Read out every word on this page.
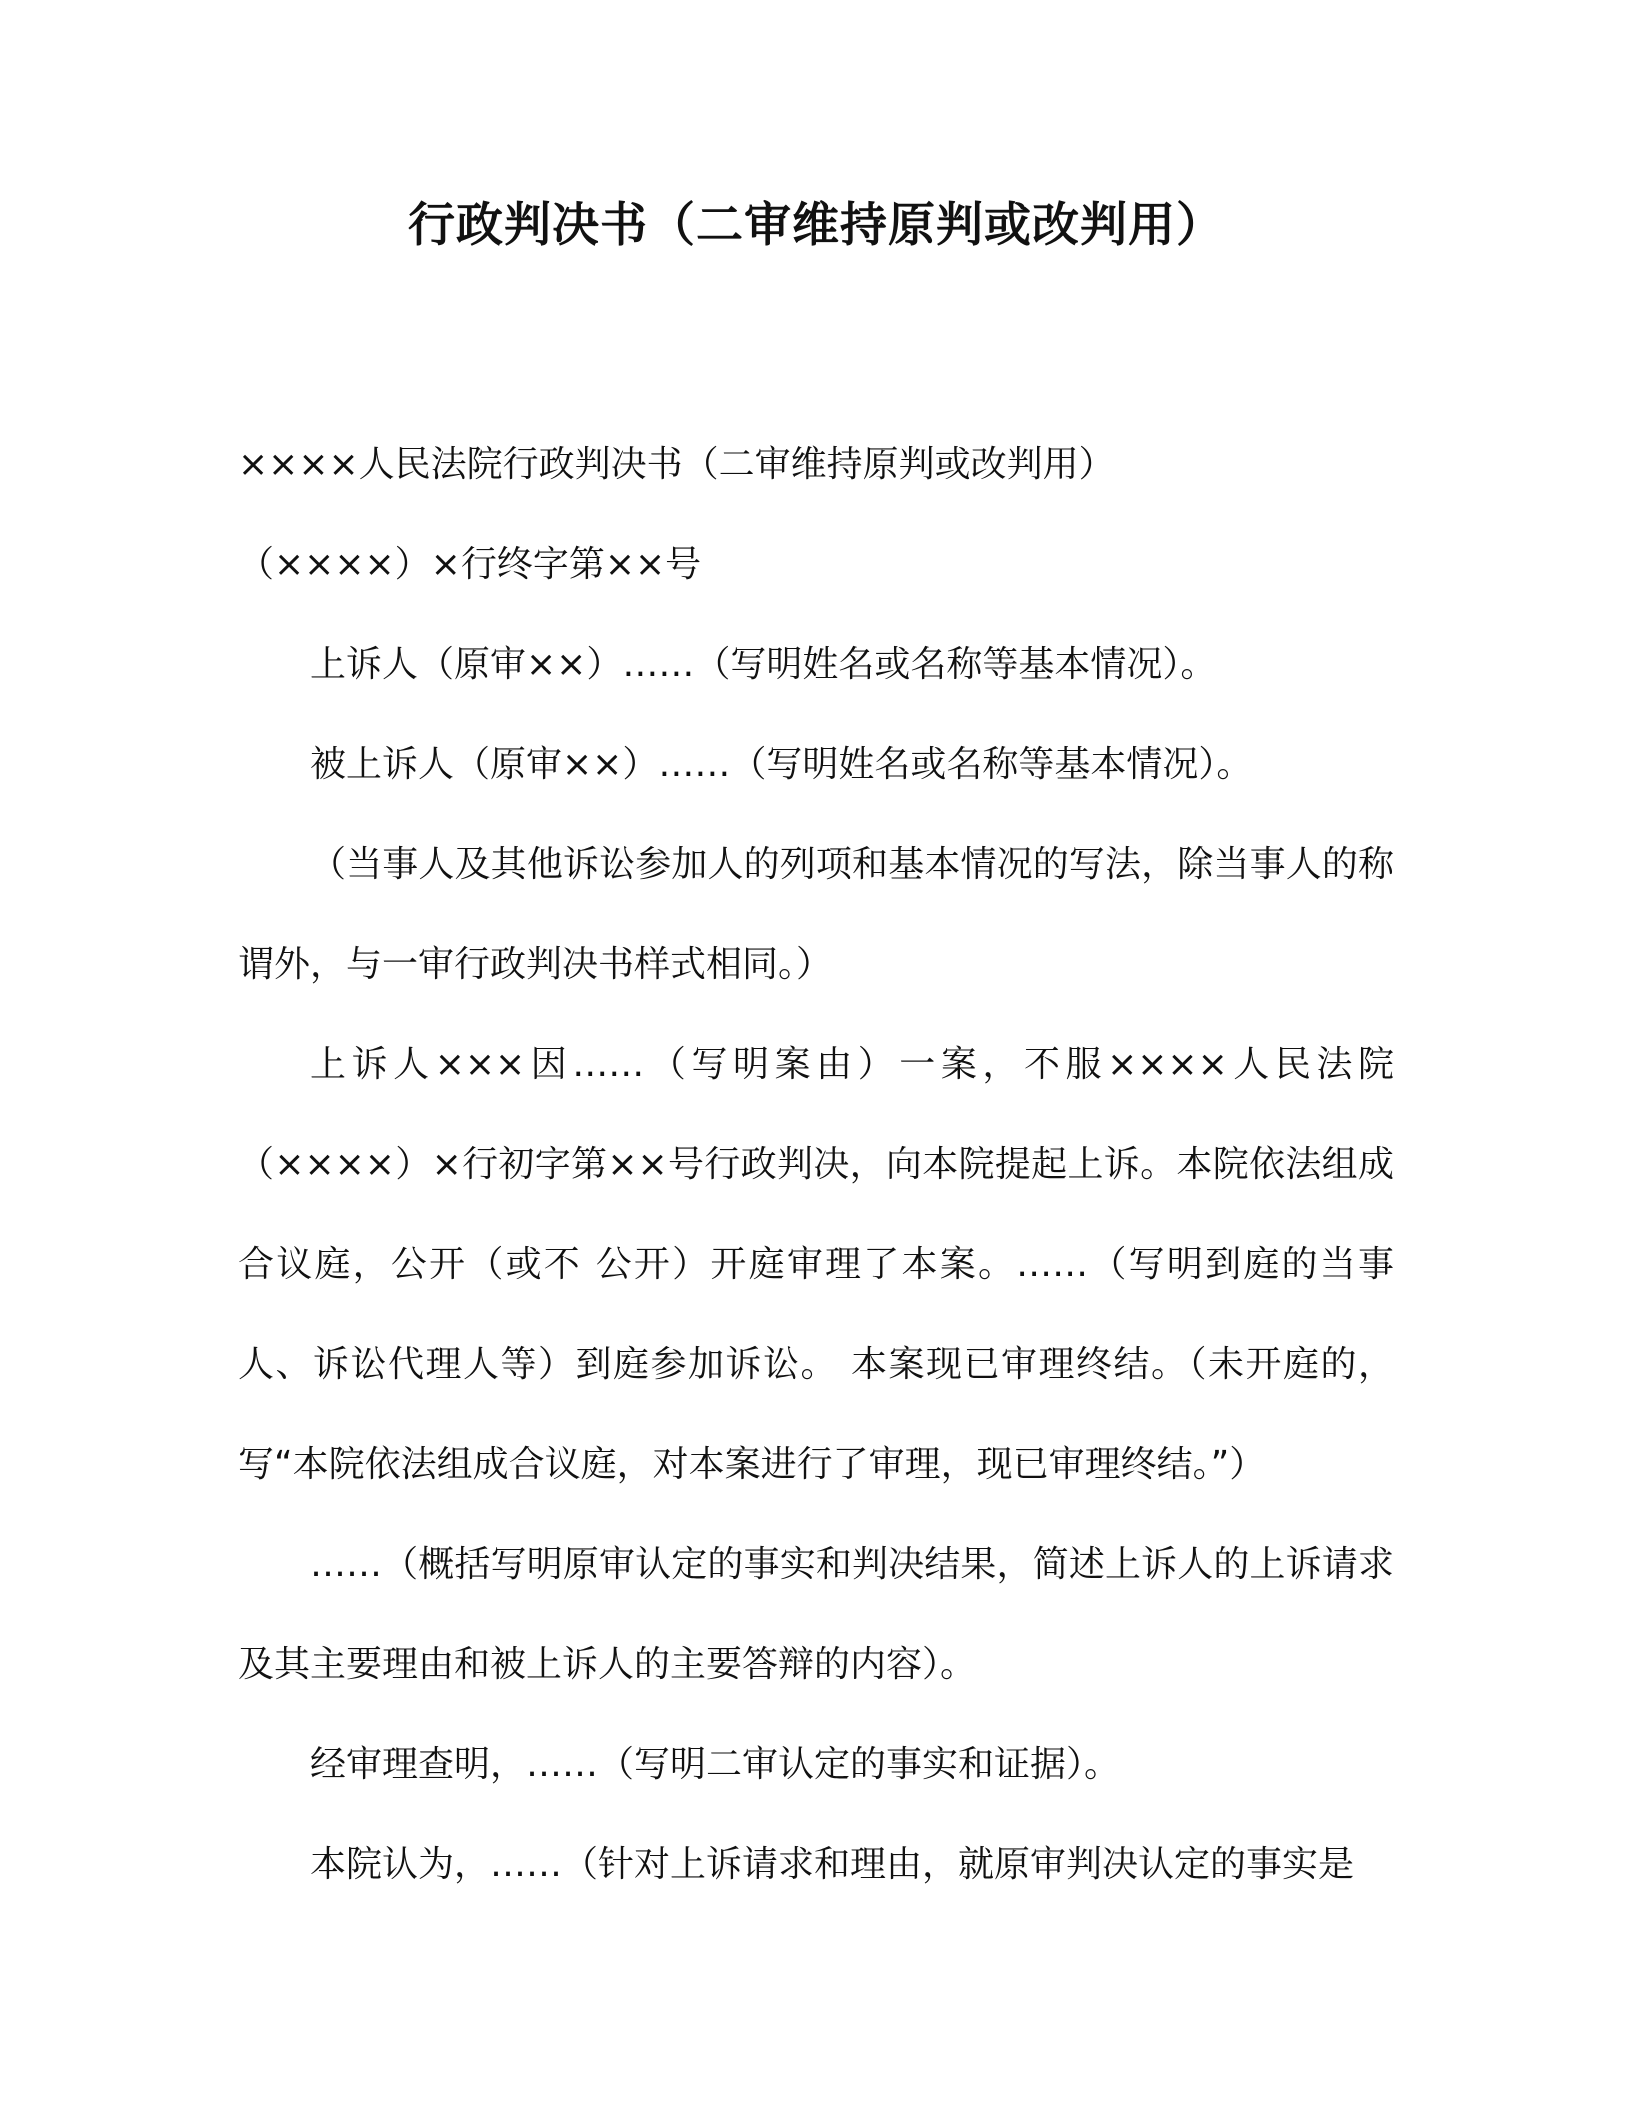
行政判决书（二审维持原判或改判用）

××××人民法院行政判决书（二审维持原判或改判用）

（××××）×行终字第××号

上诉人（原审××）……（写明姓名或名称等基本情况）。

被上诉人（原审××）……（写明姓名或名称等基本情况）。

（当事人及其他诉讼参加人的列项和基本情况的写法，除当事人的称谓外，与一审行政判决书样式相同。）

上诉人×××因……（写明案由）一案，不服××××人民法院（××××）×行初字第××号行政判决，向本院提起上诉。本院依法组成合议庭，公开（或不 公开）开庭审理了本案。……（写明到庭的当事人、诉讼代理人等）到庭参加诉讼。 本案现已审理终结。（未开庭的，写“本院依法组成合议庭，对本案进行了审理，现已审理终结。”）

……（概括写明原审认定的事实和判决结果，简述上诉人的上诉请求及其主要理由和被上诉人的主要答辩的内容）。

经审理查明，……（写明二审认定的事实和证据）。

本院认为，……（针对上诉请求和理由，就原审判决认定的事实是
